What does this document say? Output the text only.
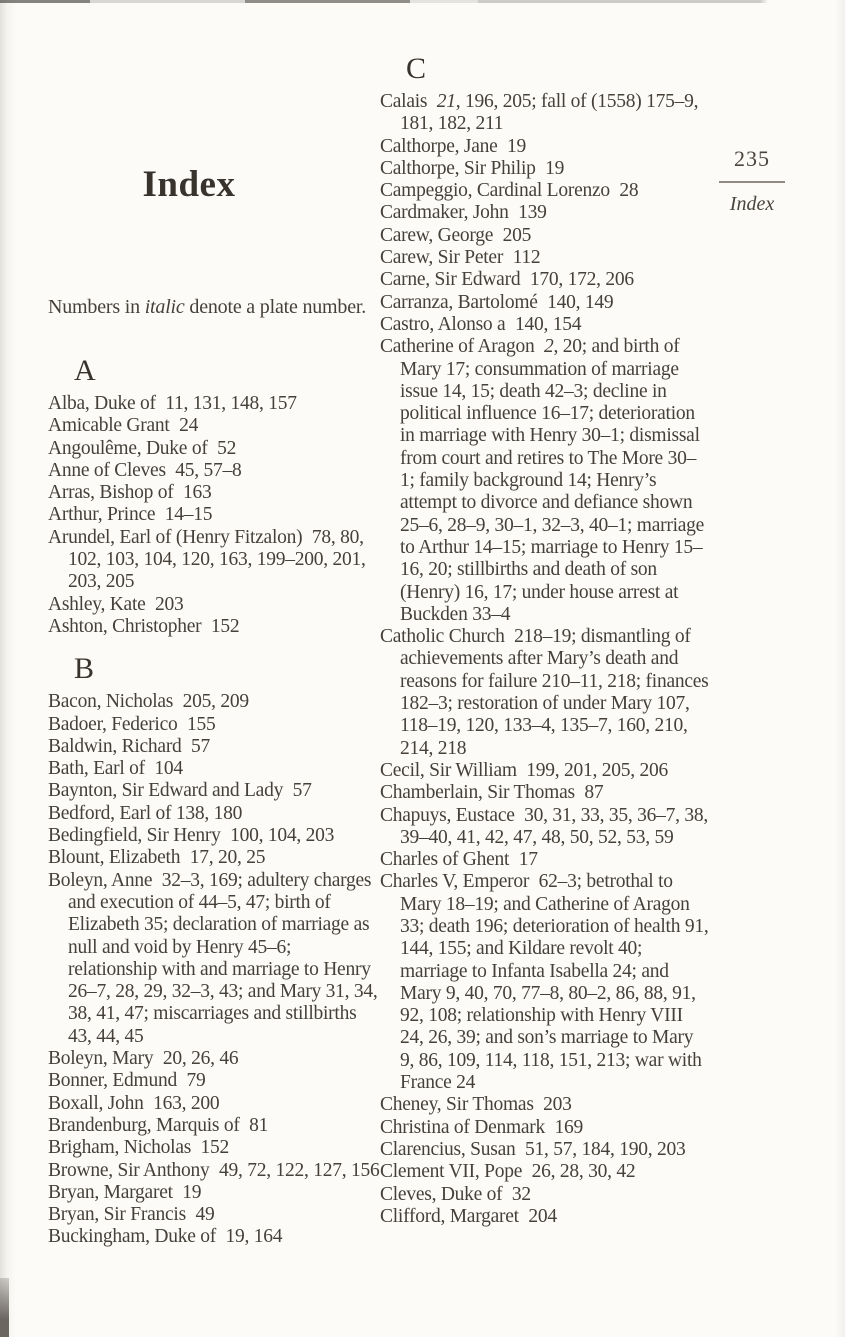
Index

Numbers in italic denote a plate number.

A

Alba, Duke of 11, 131, 148, 157

Amicable Grant 24

Angoulême, Duke of 52

Anne of Cleves 45, 57–8

Arras, Bishop of 163

Arthur, Prince 14–15

Arundel, Earl of (Henry Fitzalon) 78, 80, 102, 103, 104, 120, 163, 199–200, 201, 203, 205

Ashley, Kate 203

Ashton, Christopher 152

B

Bacon, Nicholas 205, 209

Badoer, Federico 155

Baldwin, Richard 57

Bath, Earl of 104

Baynton, Sir Edward and Lady 57

Bedford, Earl of 138, 180

Bedingfield, Sir Henry 100, 104, 203

Blount, Elizabeth 17, 20, 25

Boleyn, Anne 32–3, 169; adultery charges and execution of 44–5, 47; birth of Elizabeth 35; declaration of marriage as null and void by Henry 45–6; relationship with and marriage to Henry 26–7, 28, 29, 32–3, 43; and Mary 31, 34, 38, 41, 47; miscarriages and stillbirths 43, 44, 45

Boleyn, Mary 20, 26, 46

Bonner, Edmund 79

Boxall, John 163, 200

Brandenburg, Marquis of 81

Brigham, Nicholas 152

Browne, Sir Anthony 49, 72, 122, 127, 156

Bryan, Margaret 19

Bryan, Sir Francis 49

Buckingham, Duke of 19, 164

C

Calais 21, 196, 205; fall of (1558) 175–9, 181, 182, 211

Calthorpe, Jane 19

Calthorpe, Sir Philip 19

Campeggio, Cardinal Lorenzo 28

Cardmaker, John 139

Carew, George 205

Carew, Sir Peter 112

Carne, Sir Edward 170, 172, 206

Carranza, Bartolomé 140, 149

Castro, Alonso a 140, 154

Catherine of Aragon 2, 20; and birth of Mary 17; consummation of marriage issue 14, 15; death 42–3; decline in political influence 16–17; deterioration in marriage with Henry 30–1; dismissal from court and retires to The More 30–1; family background 14; Henry’s attempt to divorce and defiance shown 25–6, 28–9, 30–1, 32–3, 40–1; marriage to Arthur 14–15; marriage to Henry 15–16, 20; stillbirths and death of son (Henry) 16, 17; under house arrest at Buckden 33–4

Catholic Church 218–19; dismantling of achievements after Mary’s death and reasons for failure 210–11, 218; finances 182–3; restoration of under Mary 107, 118–19, 120, 133–4, 135–7, 160, 210, 214, 218

Cecil, Sir William 199, 201, 205, 206

Chamberlain, Sir Thomas 87

Chapuys, Eustace 30, 31, 33, 35, 36–7, 38, 39–40, 41, 42, 47, 48, 50, 52, 53, 59

Charles of Ghent 17

Charles V, Emperor 62–3; betrothal to Mary 18–19; and Catherine of Aragon 33; death 196; deterioration of health 91, 144, 155; and Kildare revolt 40; marriage to Infanta Isabella 24; and Mary 9, 40, 70, 77–8, 80–2, 86, 88, 91, 92, 108; relationship with Henry VIII 24, 26, 39; and son’s marriage to Mary 9, 86, 109, 114, 118, 151, 213; war with France 24

Cheney, Sir Thomas 203

Christina of Denmark 169

Clarencius, Susan 51, 57, 184, 190, 203

Clement VII, Pope 26, 28, 30, 42

Cleves, Duke of 32

Clifford, Margaret 204

235
Index
